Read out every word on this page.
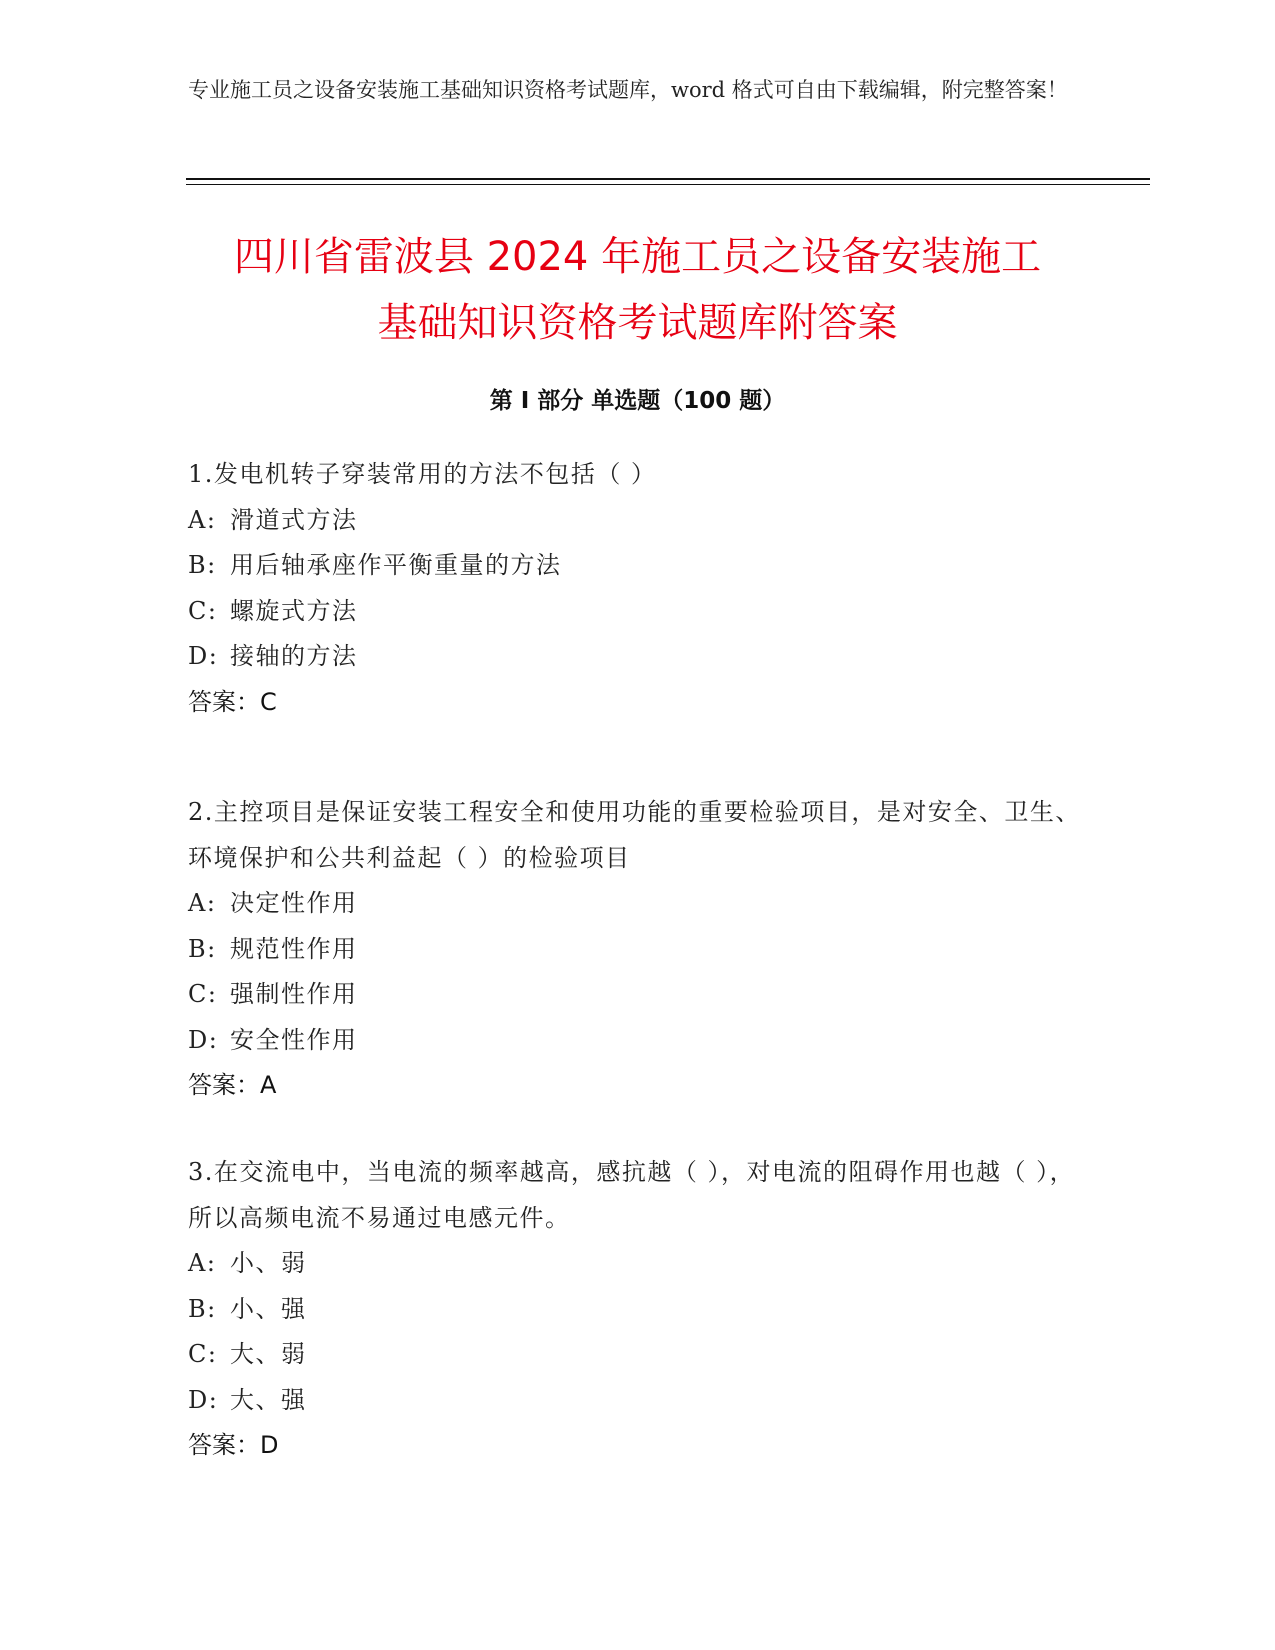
专业施工员之设备安装施工基础知识资格考试题库，word 格式可自由下载编辑，附完整答案！

四川省雷波县 2024 年施工员之设备安装施工
基础知识资格考试题库附答案
第 I 部分 单选题（100 题）

1.发电机转子穿装常用的方法不包括（ ）

A: 滑道式方法

B: 用后轴承座作平衡重量的方法

C: 螺旋式方法

D: 接轴的方法

答案：C

2.主控项目是保证安装工程安全和使用功能的重要检验项目，是对安全、卫生、环境保护和公共利益起（ ）的检验项目

A: 决定性作用

B: 规范性作用

C: 强制性作用

D: 安全性作用

答案：A

3.在交流电中，当电流的频率越高，感抗越（ ），对电流的阻碍作用也越（ ），所以高频电流不易通过电感元件。

A: 小、弱

B: 小、强

C: 大、弱

D: 大、强

答案：D
